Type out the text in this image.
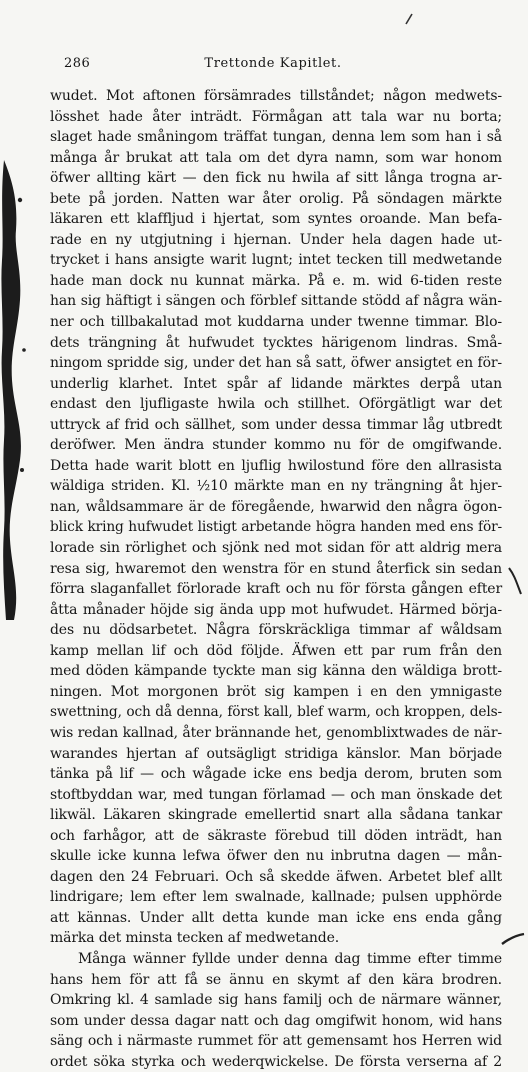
286	Trettonde Kapitlet.
wudet. Mot aftonen försämrades tillståndet; någon medwets-
lösshet hade åter inträdt. Förmågan att tala war nu borta;
slaget hade småningom träffat tungan, denna lem som han i så
många år brukat att tala om det dyra namn, som war honom
öfwer allting kärt — den fick nu hwila af sitt långa trogna ar-
bete på jorden. Natten war åter orolig. På söndagen märkte
läkaren ett klaffljud i hjertat, som syntes oroande. Man befa-
rade en ny utgjutning i hjernan. Under hela dagen hade ut-
trycket i hans ansigte warit lugnt; intet tecken till medwetande
hade man dock nu kunnat märka. På e. m. wid 6-tiden reste
han sig häftigt i sängen och förblef sittande stödd af några wän-
ner och tillbakalutad mot kuddarna under twenne timmar. Blo-
dets trängning åt hufwudet tycktes härigenom lindras. Små-
ningom spridde sig, under det han så satt, öfwer ansigtet en för-
underlig klarhet. Intet spår af lidande märktes derpå utan
endast den ljufligaste hwila och stillhet. Oförgätligt war det
uttryck af frid och sällhet, som under dessa timmar låg utbredt
deröfwer. Men ändra stunder kommo nu för de omgifwande.
Detta hade warit blott en ljuflig hwilostund före den allrasista
wäldiga striden. Kl. ½10 märkte man en ny trängning åt hjer-
nan, wåldsammare är de föregående, hwarwid den några ögon-
blick kring hufwudet listigt arbetande högra handen med ens för-
lorade sin rörlighet och sjönk ned mot sidan för att aldrig mera
resa sig, hwaremot den wenstra för en stund återfick sin sedan
förra slaganfallet förlorade kraft och nu för första gången efter
åtta månader höjde sig ända upp mot hufwudet. Härmed börja-
des nu dödsarbetet. Några förskräckliga timmar af wåldsam
kamp mellan lif och död följde. Äfwen ett par rum från den
med döden kämpande tyckte man sig känna den wäldiga brott-
ningen. Mot morgonen bröt sig kampen i en den ymnigaste
swettning, och då denna, först kall, blef warm, och kroppen, dels-
wis redan kallnad, åter brännande het, genomblixtwades de när-
warandes hjertan af outsägligt stridiga känslor. Man började
tänka på lif — och wågade icke ens bedja derom, bruten som
stoftbyddan war, med tungan förlamad — och man önskade det
likwäl. Läkaren skingrade emellertid snart alla sådana tankar
och farhågor, att de säkraste förebud till döden inträdt, han
skulle icke kunna lefwa öfwer den nu inbrutna dagen — mån-
dagen den 24 Februari. Och så skedde äfwen. Arbetet blef allt
lindrigare; lem efter lem swalnade, kallnade; pulsen upphörde
att kännas. Under allt detta kunde man icke ens enda gång
märka det minsta tecken af medwetande.
Många wänner fyllde under denna dag timme efter timme
hans hem för att få se ännu en skymt af den kära brodren.
Omkring kl. 4 samlade sig hans familj och de närmare wänner,
som under dessa dagar natt och dag omgifwit honom, wid hans
säng och i närmaste rummet för att gemensamt hos Herren wid
ordet söka styrka och wederqwickelse. De första verserna af 2
